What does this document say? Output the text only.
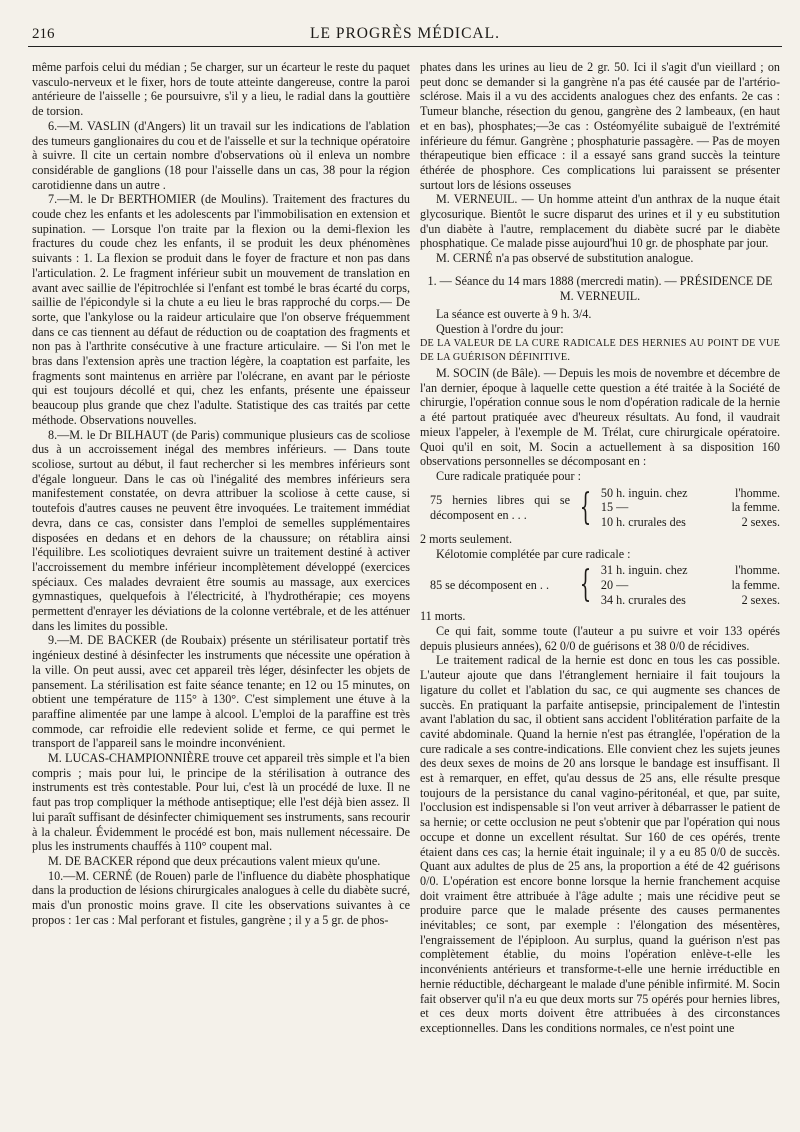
216	LE PROGRÈS MÉDICAL.

même parfois celui du médian ; 5e charger, sur un écarteur le reste du paquet vasculo-nerveux et le fixer, hors de toute atteinte dangereuse, contre la paroi antérieure de l'aisselle ; 6e poursuivre, s'il y a lieu, le radial dans la gouttière de torsion.

6.—M. VASLIN (d'Angers) lit un travail sur les indications de l'ablation des tumeurs ganglionaires du cou et de l'aisselle et sur la technique opératoire à suivre. Il cite un certain nombre d'observations où il enleva un nombre considérable de ganglions (18 pour l'aisselle dans un cas, 38 pour la région carotidienne dans un autre .

7.—M. le Dr BERTHOMIER (de Moulins). Traitement des fractures du coude chez les enfants et les adolescents par l'immobilisation en extension et supination. — Lorsque l'on traite par la flexion ou la demi-flexion les fractures du coude chez les enfants, il se produit les deux phénomènes suivants : 1. La flexion se produit dans le foyer de fracture et non pas dans l'articulation. 2. Le fragment inférieur subit un mouvement de translation en avant avec saillie de l'épitrochlée si l'enfant est tombé le bras écarté du corps, saillie de l'épicondyle si la chute a eu lieu le bras rapproché du corps.— De sorte, que l'ankylose ou la raideur articulaire que l'on observe fréquemment dans ce cas tiennent au défaut de réduction ou de coaptation des fragments et non pas à l'arthrite consécutive à une fracture articulaire. — Si l'on met le bras dans l'extension après une traction légère, la coaptation est parfaite, les fragments sont maintenus en arrière par l'olécrane, en avant par le périoste qui est toujours décollé et qui, chez les enfants, présente une épaisseur beaucoup plus grande que chez l'adulte. Statistique des cas traités par cette méthode. Observations nouvelles.

8.—M. le Dr BILHAUT (de Paris) communique plusieurs cas de scoliose dus à un accroissement inégal des membres inférieurs. — Dans toute scoliose, surtout au début, il faut rechercher si les membres inférieurs sont d'égale longueur. Dans le cas où l'inégalité des membres inférieurs sera manifestement constatée, on devra attribuer la scoliose à cette cause, si toutefois d'autres causes ne peuvent être invoquées. Le traitement immédiat devra, dans ce cas, consister dans l'emploi de semelles supplémentaires disposées en dedans et en dehors de la chaussure; on rétablira ainsi l'équilibre. Les scoliotiques devraient suivre un traitement destiné à activer l'accroissement du membre inférieur incomplètement développé (exercices spéciaux. Ces malades devraient être soumis au massage, aux exercices gymnastiques, quelquefois à l'électricité, à l'hydrothérapie; ces moyens permettent d'enrayer les déviations de la colonne vertébrale, et de les atténuer dans les limites du possible.

9.—M. DE BACKER (de Roubaix) présente un stérilisateur portatif très ingénieux destiné à désinfecter les instruments que nécessite une opération à la ville. On peut aussi, avec cet appareil très léger, désinfecter les objets de pansement. La stérilisation est faite séance tenante; en 12 ou 15 minutes, on obtient une température de 115° à 130°. C'est simplement une étuve à la paraffine alimentée par une lampe à alcool. L'emploi de la paraffine est très commode, car refroidie elle redevient solide et ferme, ce qui permet le transport de l'appareil sans le moindre inconvénient.

M. LUCAS-CHAMPIONNIÈRE trouve cet appareil très simple et l'a bien compris ; mais pour lui, le principe de la stérilisation à outrance des instruments est très contestable. Pour lui, c'est là un procédé de luxe. Il ne faut pas trop compliquer la méthode antiseptique; elle l'est déjà bien assez. Il lui paraît suffisant de désinfecter chimiquement ses instruments, sans recourir à la chaleur. Évidemment le procédé est bon, mais nullement nécessaire. De plus les instruments chauffés à 110° coupent mal.

M. DE BACKER répond que deux précautions valent mieux qu'une.

10.—M. CERNÉ (de Rouen) parle de l'influence du diabète phosphatique dans la production de lésions chirurgicales analogues à celle du diabète sucré, mais d'un pronostic moins grave. Il cite les observations suivantes à ce propos : 1er cas : Mal perforant et fistules, gangrène ; il y a 5 gr. de phos-

phates dans les urines au lieu de 2 gr. 50. Ici il s'agit d'un vieillard ; on peut donc se demander si la gangrène n'a pas été causée par de l'artério-sclérose. Mais il a vu des accidents analogues chez des enfants. 2e cas : Tumeur blanche, résection du genou, gangrène des 2 lambeaux, (en haut et en bas), phosphates;—3e cas : Ostéomyélite subaiguë de l'extrémité inférieure du fémur. Gangrène ; phosphaturie passagère. — Pas de moyen thérapeutique bien efficace : il a essayé sans grand succès la teinture éthérée de phosphore. Ces complications lui paraissent se présenter surtout lors de lésions osseuses

M. VERNEUIL. — Un homme atteint d'un anthrax de la nuque était glycosurique. Bientôt le sucre disparut des urines et il y eu substitution d'un diabète à l'autre, remplacement du diabète sucré par le diabète phosphatique. Ce malade pisse aujourd'hui 10 gr. de phosphate par jour.

M. CERNÉ n'a pas observé de substitution analogue.

1. — Séance du 14 mars 1888 (mercredi matin). — PRÉSIDENCE DE M. VERNEUIL.

La séance est ouverte à 9 h. 3/4.

Question à l'ordre du jour:

DE LA VALEUR DE LA CURE RADICALE DES HERNIES AU POINT DE VUE DE LA GUÉRISON DÉFINITIVE.

M. SOCIN (de Bâle). — Depuis les mois de novembre et décembre de l'an dernier, époque à laquelle cette question a été traitée à la Société de chirurgie, l'opération connue sous le nom d'opération radicale de la hernie a été partout pratiquée avec d'heureux résultats. Au fond, il vaudrait mieux l'appeler, à l'exemple de M. Trélat, cure chirurgicale opératoire. Quoi qu'il en soit, M. Socin a actuellement à sa disposition 160 observations personnelles se décomposant en :

Cure radicale pratiquée pour :

75 hernies libres qui se décomposent en . . .	{ 50 h. inguin. chez	l'homme.
15 —	la femme.
10 h. crurales des	2 sexes.

2 morts seulement.

Kélotomie complétée par cure radicale :

85 se décomposent en . . { 31 h. inguin. chez	l'homme.
20 —	la femme.
34 h. crurales des	2 sexes.

11 morts.

Ce qui fait, somme toute (l'auteur a pu suivre et voir 133 opérés depuis plusieurs années), 62 0/0 de guérisons et 38 0/0 de récidives.

Le traitement radical de la hernie est donc en tous les cas possible. L'auteur ajoute que dans l'étranglement herniaire il fait toujours la ligature du collet et l'ablation du sac, ce qui augmente ses chances de succès. En pratiquant la parfaite antisepsie, principalement de l'intestin avant l'ablation du sac, il obtient sans accident l'oblitération parfaite de la cavité abdominale. Quand la hernie n'est pas étranglée, l'opération de la cure radicale a ses contre-indications. Elle convient chez les sujets jeunes des deux sexes de moins de 20 ans lorsque le bandage est insuffisant. Il est à remarquer, en effet, qu'au dessus de 25 ans, elle résulte presque toujours de la persistance du canal vagino-péritonéal, et que, par suite, l'occlusion est indispensable si l'on veut arriver à débarrasser le patient de sa hernie; or cette occlusion ne peut s'obtenir que par l'opération qui nous occupe et donne un excellent résultat. Sur 160 de ces opérés, trente étaient dans ces cas; la hernie était inguinale; il y a eu 85 0/0 de succès. Quant aux adultes de plus de 25 ans, la proportion a été de 42 guérisons 0/0. L'opération est encore bonne lorsque la hernie franchement acquise doit vraiment être attribuée à l'âge adulte ; mais une récidive peut se produire parce que le malade présente des causes permanentes inévitables; ce sont, par exemple : l'élongation des mésentères, l'engraissement de l'épiploon. Au surplus, quand la guérison n'est pas complètement établie, du moins l'opération enlève-t-elle les inconvénients antérieurs et transforme-t-elle une hernie irréductible en hernie réductible, déchargeant le malade d'une pénible infirmité. M. Socin fait observer qu'il n'a eu que deux morts sur 75 opérés pour hernies libres, et ces deux morts doivent être attribuées à des circonstances exceptionnelles. Dans les conditions normales, ce n'est point une
